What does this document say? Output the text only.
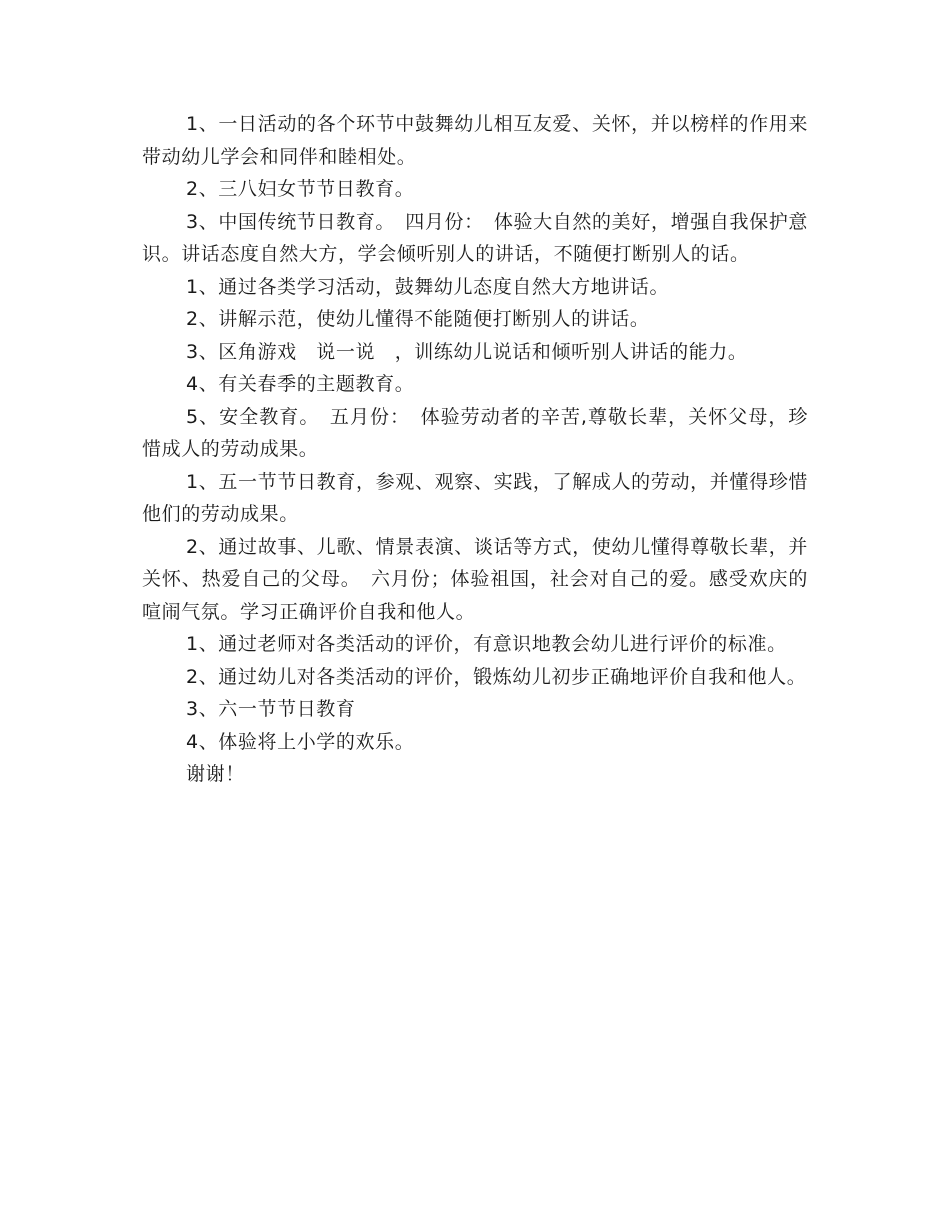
1、一日活动的各个环节中鼓舞幼儿相互友爱、关怀，并以榜样的作用来带动幼儿学会和同伴和睦相处。

2、三八妇女节节日教育。

3、中国传统节日教育。　四月份：　体验大自然的美好，增强自我保护意识。讲话态度自然大方，学会倾听别人的讲话，不随便打断别人的话。

1、通过各类学习活动，鼓舞幼儿态度自然大方地讲话。

2、讲解示范，使幼儿懂得不能随便打断别人的讲话。

3、区角游戏　说一说　，训练幼儿说话和倾听别人讲话的能力。

4、有关春季的主题教育。

5、安全教育。　五月份：　体验劳动者的辛苦,尊敬长辈，关怀父母，珍惜成人的劳动成果。

1、五一节节日教育，参观、观察、实践，了解成人的劳动，并懂得珍惜他们的劳动成果。

2、通过故事、儿歌、情景表演、谈话等方式，使幼儿懂得尊敬长辈，并关怀、热爱自己的父母。　六月份；体验祖国，社会对自己的爱。感受欢庆的喧闹气氛。学习正确评价自我和他人。

1、通过老师对各类活动的评价，有意识地教会幼儿进行评价的标准。

2、通过幼儿对各类活动的评价，锻炼幼儿初步正确地评价自我和他人。

3、六一节节日教育

4、体验将上小学的欢乐。

谢谢！
